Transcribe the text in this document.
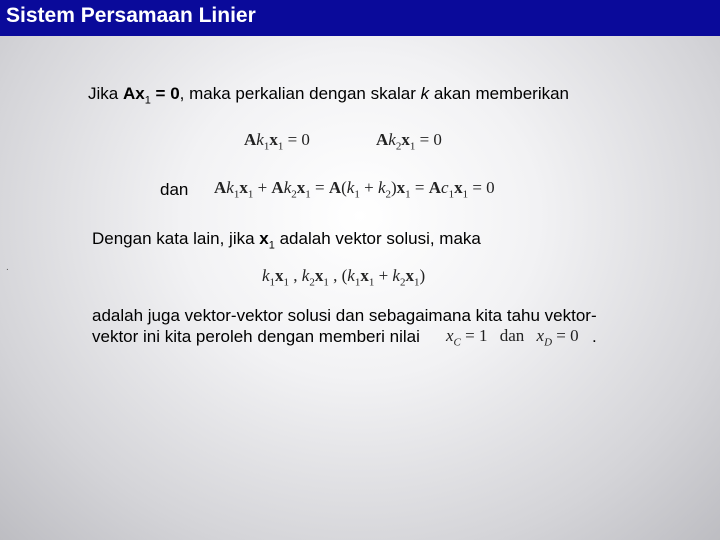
Sistem Persamaan Linier
.
Jika $Ax_1 = 0$, maka perkalian dengan skalar k akan memberikan
$Ak_1x_1 = 0$	$Ak_2x_1 = 0$
dan $Ak_1x_1 + Ak_2x_1 = A(k_1 + k_2)x_1 = Ac_1x_1 = 0$
Dengan kata lain, jika $x_1$ adalah vektor solusi, maka
$k_1x_1$ , $k_2x_1$ , $(k_1x_1 + k_2x_1)$
adalah juga vektor-vektor solusi dan sebagaimana kita tahu vektor-
vektor ini kita peroleh dengan memberi nilai $x_C = 1$ dan $x_D = 0$ .
